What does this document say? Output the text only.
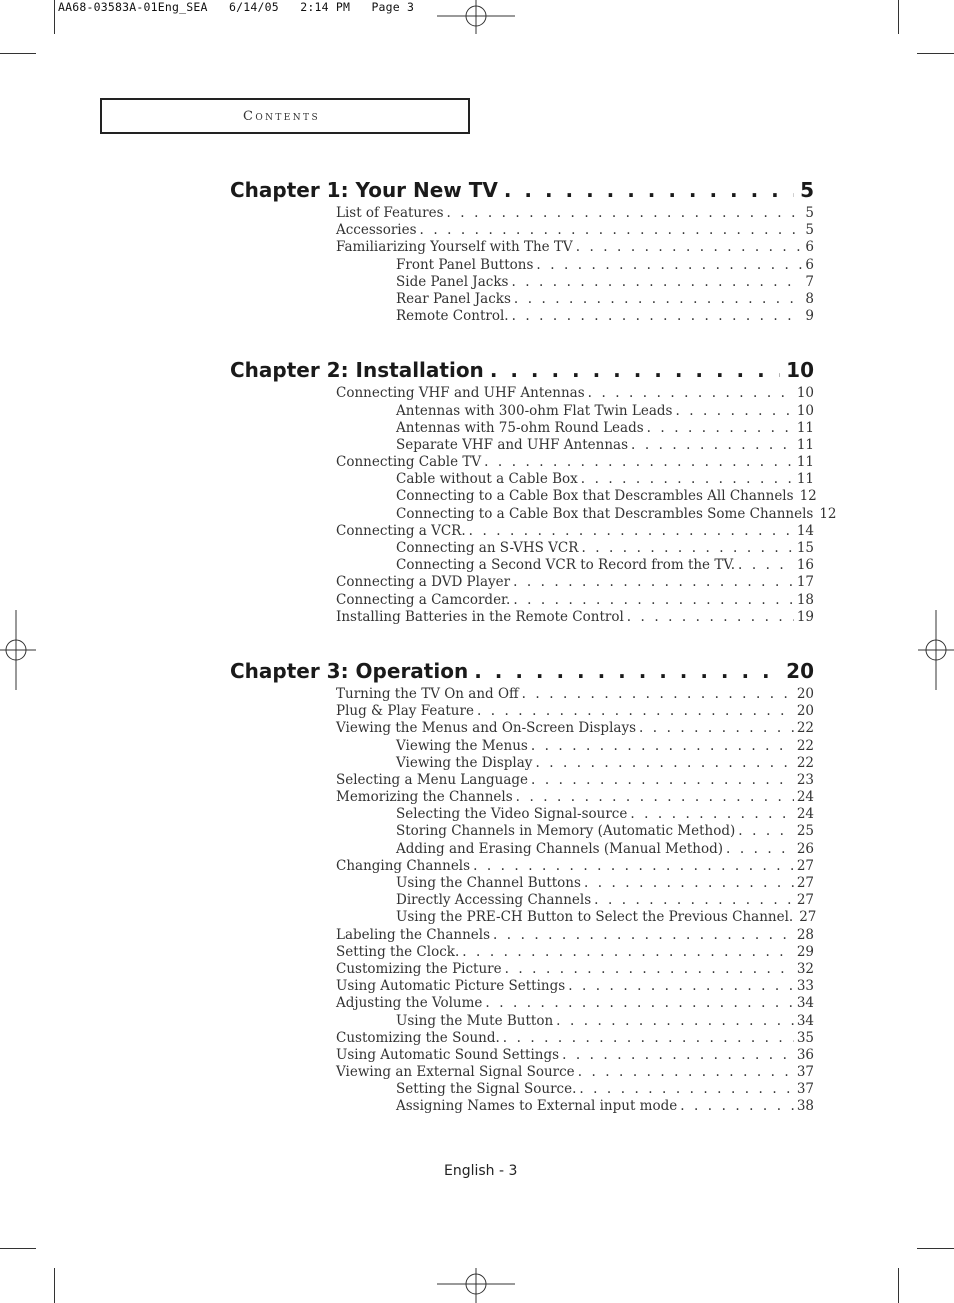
AA68-03583A-01Eng_SEA   6/14/05   2:14 PM   Page 3
Contents
Chapter 1: Your New TV . . .	5
List of Features . . .	5
Accessories . . .	5
Familiarizing Yourself with The TV . . .	6
Front Panel Buttons . . .	6
Side Panel Jacks . . .	7
Rear Panel Jacks . . .	8
Remote Control. . . .	9
Chapter 2: Installation . . .	10
Connecting VHF and UHF Antennas . . .	10
Antennas with 300-ohm Flat Twin Leads . . .	10
Antennas with 75-ohm Round Leads . . .	11
Separate VHF and UHF Antennas . . .	11
Connecting Cable TV . . .	11
Cable without a Cable Box . . .	11
Connecting to a Cable Box that Descrambles All Channels 12
Connecting to a Cable Box that Descrambles Some Channels 12
Connecting a VCR. . . .	14
Connecting an S-VHS VCR . . .	15
Connecting a Second VCR to Record from the TV. . . .	16
Connecting a DVD Player . . .	17
Connecting a Camcorder. . . .	18
Installing Batteries in the Remote Control . . .	19
Chapter 3: Operation . . .	20
Turning the TV On and Off . . .	20
Plug & Play Feature . . .	20
Viewing the Menus and On-Screen Displays . . .	22
Viewing the Menus . . .	22
Viewing the Display . . .	22
Selecting a Menu Language . . .	23
Memorizing the Channels . . .	24
Selecting the Video Signal-source . . .	24
Storing Channels in Memory (Automatic Method) . . .	25
Adding and Erasing Channels (Manual Method) . . .	26
Changing Channels . . .	27
Using the Channel Buttons . . .	27
Directly Accessing Channels . . .	27
Using the PRE-CH Button to Select the Previous Channel. 27
Labeling the Channels . . .	28
Setting the Clock. . . .	29
Customizing the Picture . . .	32
Using Automatic Picture Settings . . .	33
Adjusting the Volume . . .	34
Using the Mute Button . . .	34
Customizing the Sound. . . .	35
Using Automatic Sound Settings . . .	36
Viewing an External Signal Source . . .	37
Setting the Signal Source. . . .	37
Assigning Names to External input mode . . .	38
English - 3
